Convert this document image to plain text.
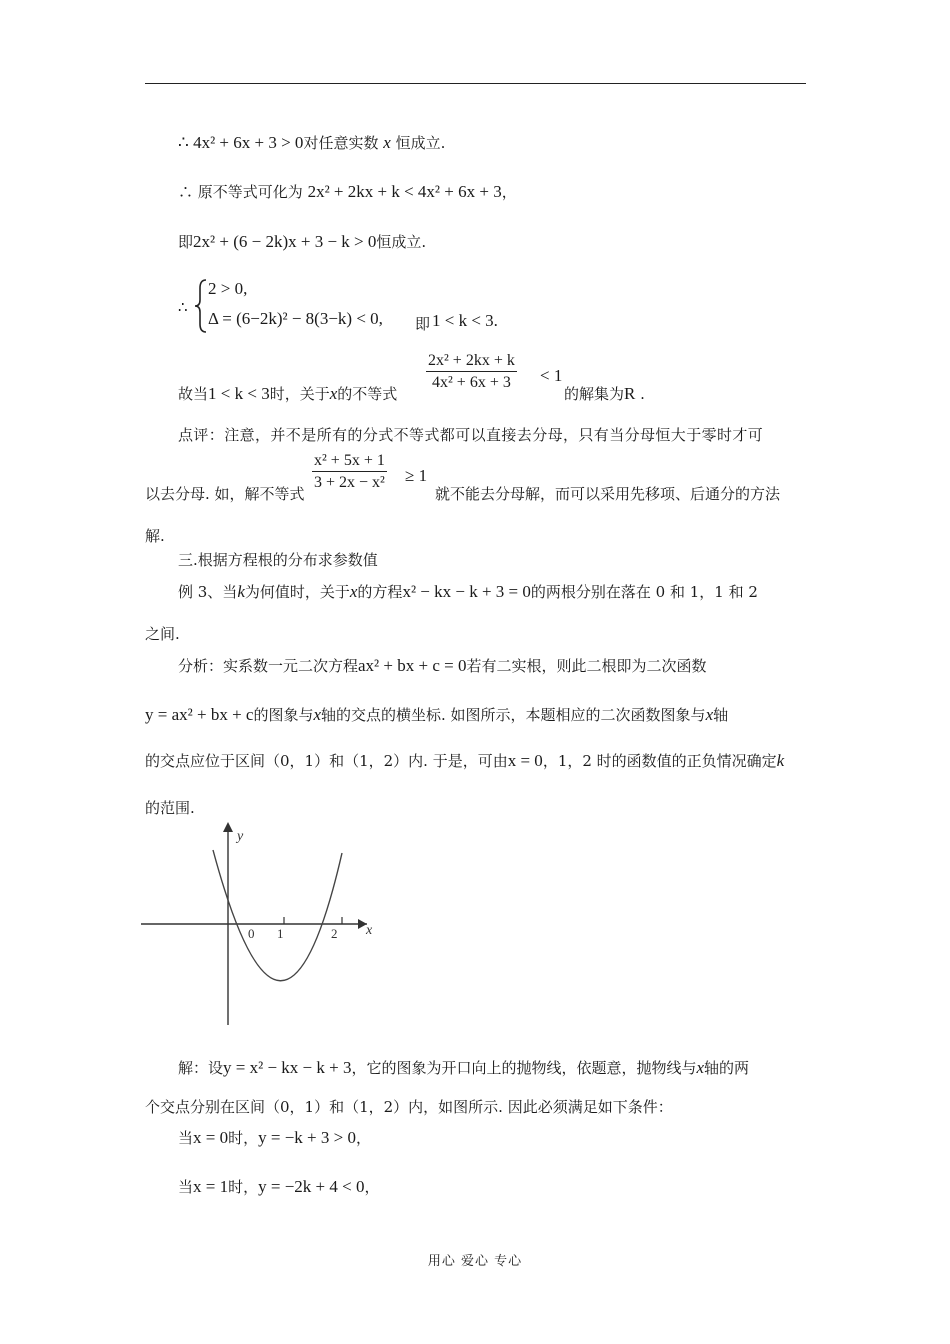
∴ 4x² + 6x + 3 > 0对任意实数 x 恒成立.
∴ 原不等式可化为 2x² + 2kx + k < 4x² + 6x + 3，
即2x² + (6 − 2k)x + 3 − k > 0恒成立.
∴
2 > 0,
Δ = (6−2k)² − 8(3−k) < 0, 即 1 < k < 3.
故当1 < k < 3时，关于x的不等式
$\frac{\text{2x² + 2kx + k}}{\text{4x² + 6x + 3}} < 1$
的解集为R .
点评：注意，并不是所有的分式不等式都可以直接去分母，只有当分母恒大于零时才可
以去分母. 如，解不等式
$\frac{\text{x² + 5x + 1}}{\text{3 + 2x − x²}} \ge 1$
就不能去分母解，而可以采用先移项、后通分的方法
解.
三.根据方程根的分布求参数值
例 3、当k为何值时，关于x的方程x² − kx − k + 3 = 0的两根分别在落在 0 和 1，1 和 2
之间.
分析：实系数一元二次方程ax² + bx + c = 0若有二实根，则此二根即为二次函数
y = ax² + bx + c的图象与x轴的交点的横坐标. 如图所示，本题相应的二次函数图象与x轴
的交点应位于区间（0，1）和（1，2）内. 于是，可由x = 0，1，2 时的函数值的正负情况确定k
的范围.
y
x
0 1	2
解：设y = x² − kx − k + 3，它的图象为开口向上的抛物线，依题意，抛物线与x轴的两
个交点分别在区间（0，1）和（1，2）内，如图所示. 因此必须满足如下条件：
当x = 0时，y = −k + 3 > 0，
当x = 1时，y = −2k + 4 < 0，
用心 爱心 专心
